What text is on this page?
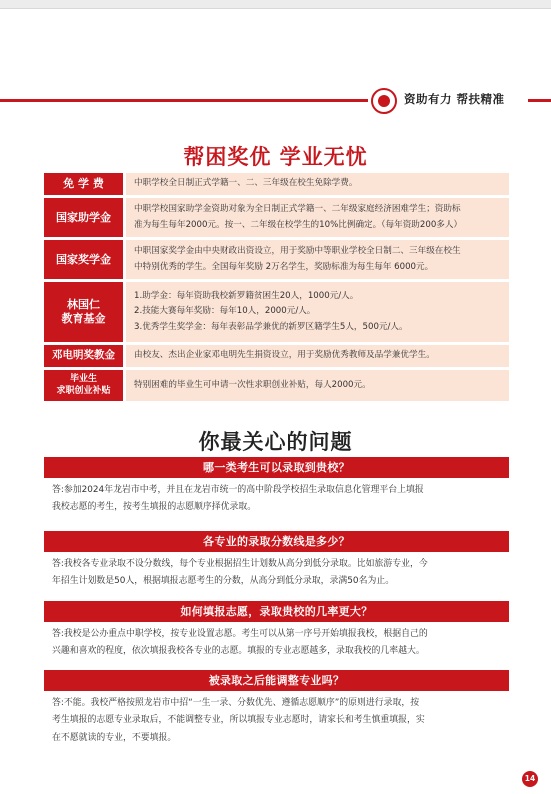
资助有力 帮扶精准
帮困奖优 学业无忧
免 学 费	中职学校全日制正式学籍一、二、三年级在校生免除学费。
国家助学金
中职学校国家助学金资助对象为全日制正式学籍一、二年级家庭经济困难学生；资助标
准为每生每年2000元。按一、二年级在校学生的10%比例确定。（每年资助200多人）
国家奖学金
中职国家奖学金由中央财政出资设立，用于奖励中等职业学校全日制二、三年级在校生
中特别优秀的学生。全国每年奖励 2万名学生，奖励标准为每生每年 6000元。
林国仁
教育基金
1.助学金：每年资助我校新罗籍贫困生20人，1000元/人。
2.技能大赛每年奖励：每年10人，2000元/人。
3.优秀学生奖学金：每年表彰品学兼优的新罗区籍学生5人，500元/人。
邓电明奖教金	由校友、杰出企业家邓电明先生捐资设立，用于奖励优秀教师及品学兼优学生。
毕业生
求职创业补贴
特别困难的毕业生可申请一次性求职创业补贴，每人2000元。
你最关心的问题
哪一类考生可以录取到贵校？
答:参加2024年龙岩市中考，并且在龙岩市统一的高中阶段学校招生录取信息化管理平台上填报
我校志愿的考生，按考生填报的志愿顺序择优录取。
各专业的录取分数线是多少？
答:我校各专业录取不设分数线，每个专业根据招生计划数从高分到低分录取。比如旅游专业，今
年招生计划数是50人，根据填报志愿考生的分数，从高分到低分录取，录满50名为止。
如何填报志愿，录取贵校的几率更大？
答:我校是公办重点中职学校，按专业设置志愿。考生可以从第一序号开始填报我校，根据自己的
兴趣和喜欢的程度，依次填报我校各专业的志愿。填报的专业志愿越多，录取我校的几率越大。
被录取之后能调整专业吗？
答:不能。我校严格按照龙岩市中招“一生一录、分数优先、遵循志愿顺序”的原则进行录取，按
考生填报的志愿专业录取后，不能调整专业，所以填报专业志愿时，请家长和考生慎重填报，实
在不愿就读的专业，不要填报。
14
